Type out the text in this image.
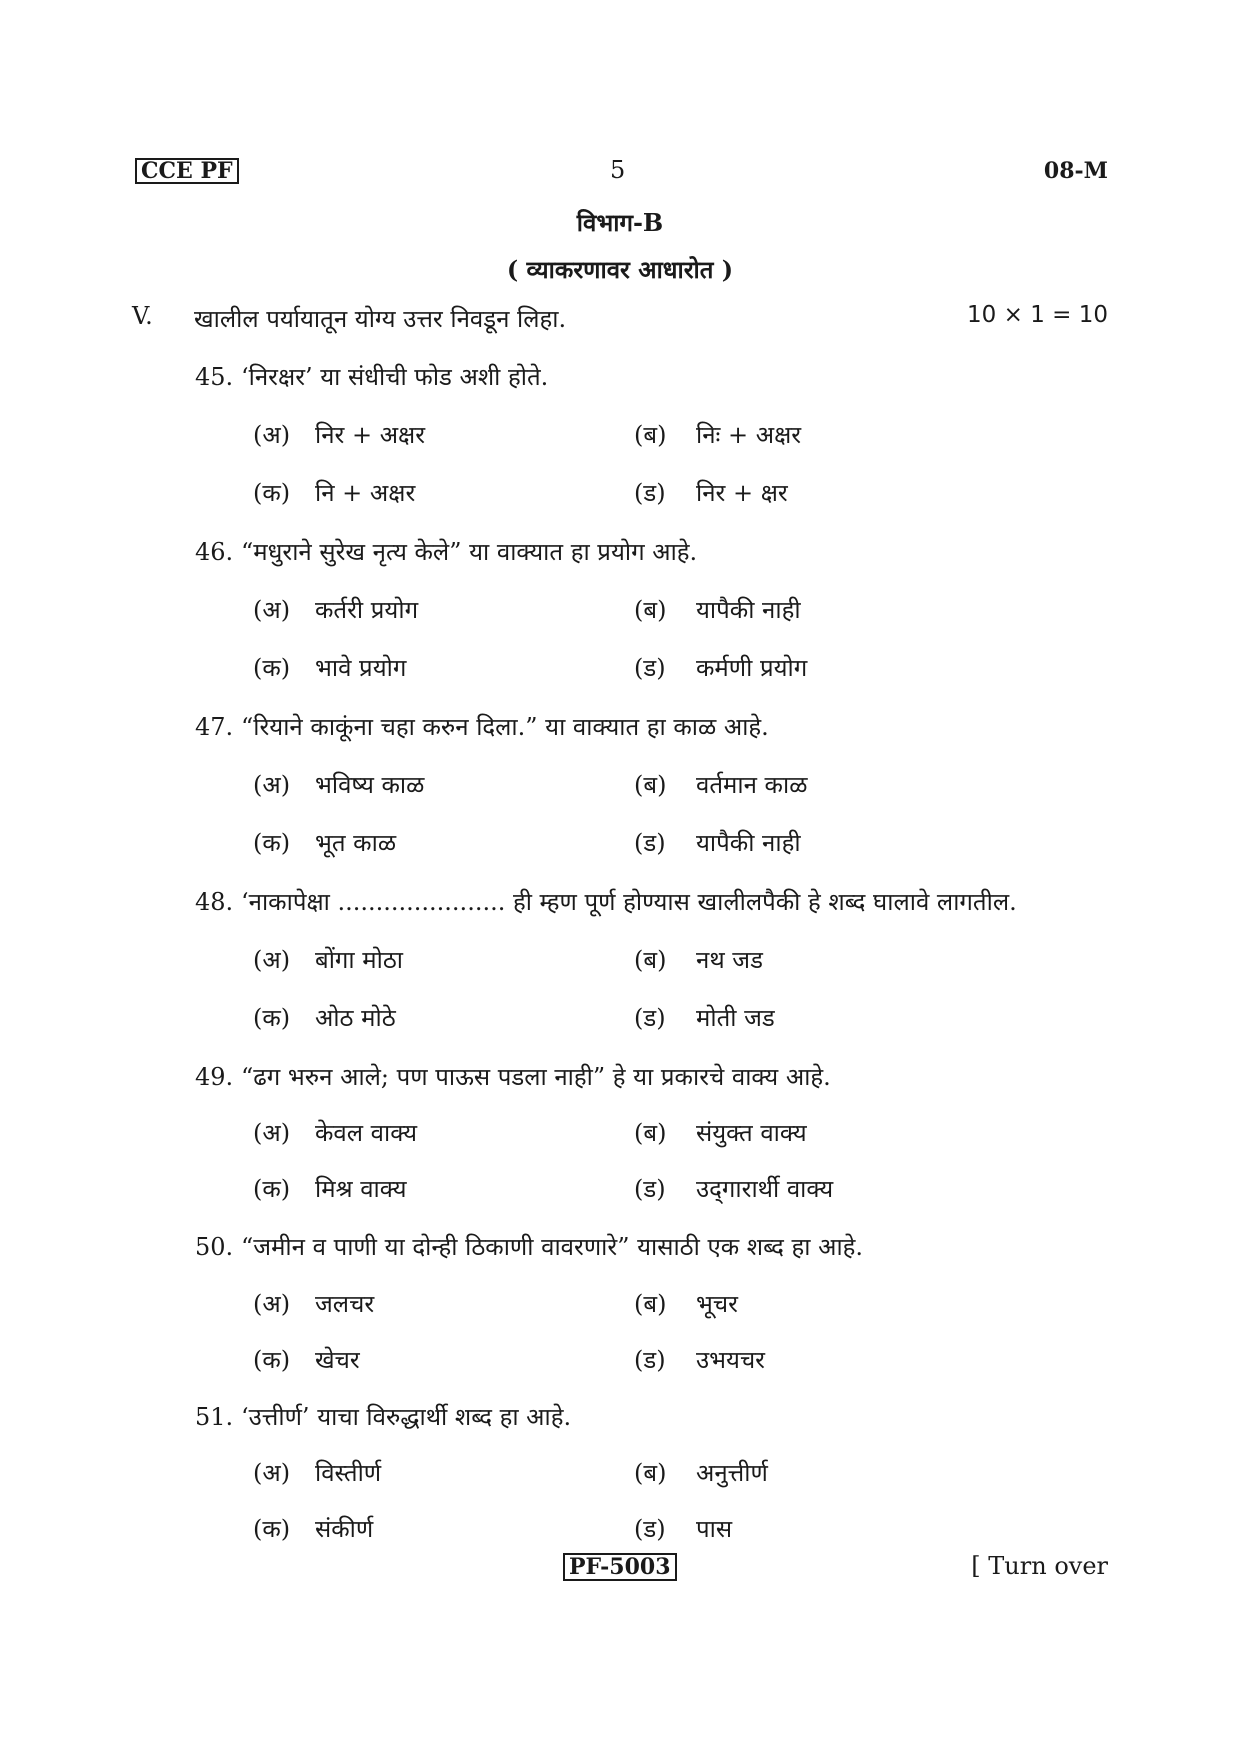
CCE PF	5	08-M
विभाग-B
( व्याकरणावर आधारोत )
V. खालील पर्यायातून योग्य उत्तर निवडून लिहा.	10 × 1 = 10
45. ‘निरक्षर’ या संधीची फोड अशी होते.
(अ) निर + अक्षर	(ब) निः + अक्षर
(क) नि + अक्षर	(ड) निर + क्षर
46. “मधुराने सुरेख नृत्य केले” या वाक्यात हा प्रयोग आहे.
(अ) कर्तरी प्रयोग	(ब) यापैकी नाही
(क) भावे प्रयोग	(ड) कर्मणी प्रयोग
47. “रियाने काकूंना चहा करुन दिला.” या वाक्यात हा काळ आहे.
(अ) भविष्य काळ	(ब) वर्तमान काळ
(क) भूत काळ	(ड) यापैकी नाही
48. ‘नाकापेक्षा ...................... ही म्हण पूर्ण होण्यास खालीलपैकी हे शब्द घालावे लागतील.
(अ) बोंगा मोठा	(ब) नथ जड
(क) ओठ मोठे	(ड) मोती जड
49. “ढग भरुन आले; पण पाऊस पडला नाही” हे या प्रकारचे वाक्य आहे.
(अ) केवल वाक्य	(ब) संयुक्त वाक्य
(क) मिश्र वाक्य	(ड) उद्‌गारार्थी वाक्य
50. “जमीन व पाणी या दोन्ही ठिकाणी वावरणारे” यासाठी एक शब्द हा आहे.
(अ) जलचर	(ब) भूचर
(क) खेचर	(ड) उभयचर
51. ‘उत्तीर्ण’ याचा विरुद्धार्थी शब्द हा आहे.
(अ) विस्तीर्ण	(ब) अनुत्तीर्ण
(क) संकीर्ण	(ड) पास
PF-5003	[ Turn over
